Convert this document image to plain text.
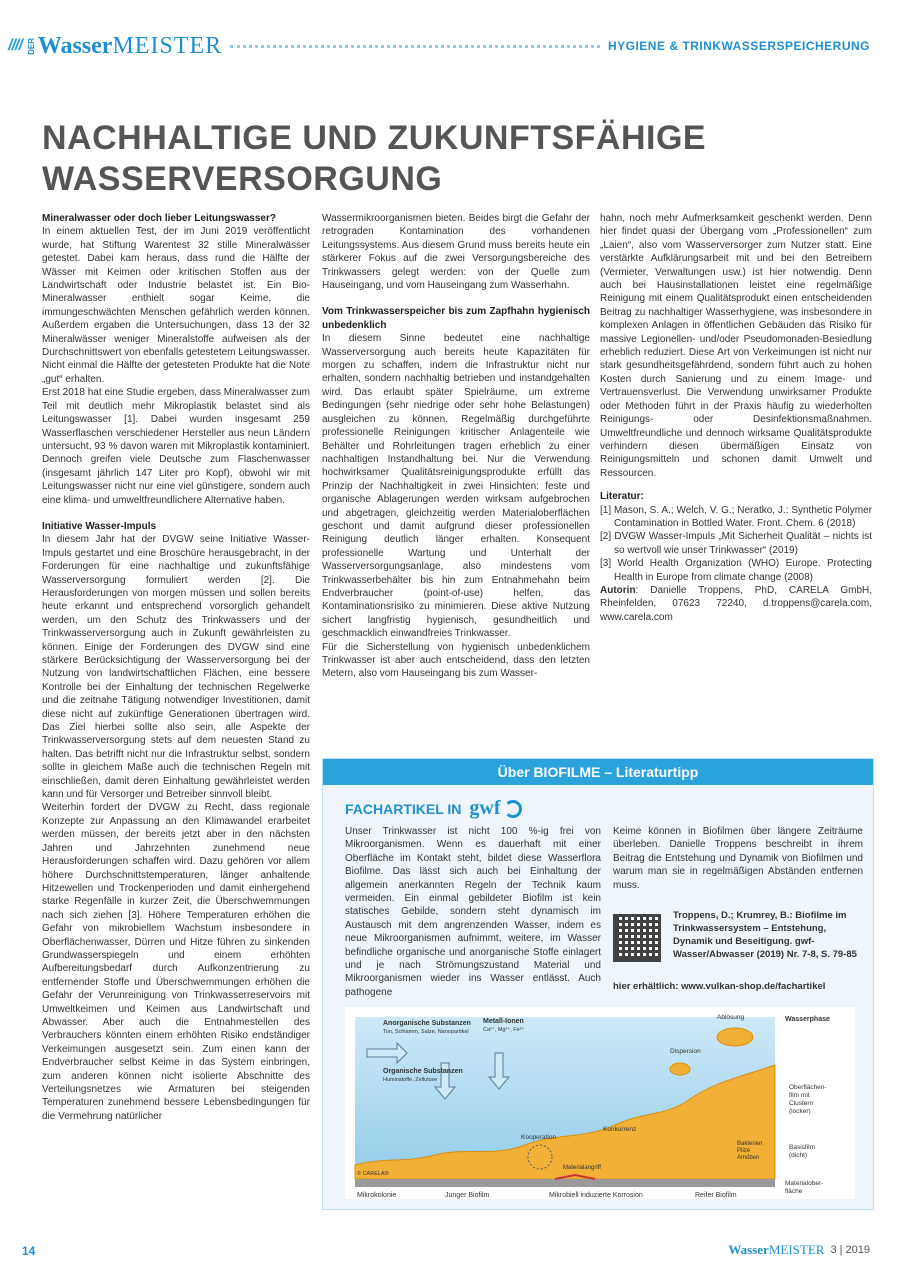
//// DER Wasser MEISTER	HYGIENE & TRINKWASSERSPEICHERUNG
NACHHALTIGE UND ZUKUNFTSFÄHIGE
WASSERVERSORGUNG
Mineralwasser oder doch lieber Leitungswasser?

In einem aktuellen Test, der im Juni 2019 veröffentlicht wurde, hat Stiftung Warentest 32 stille Mineralwässer getestet. Dabei kam heraus, dass rund die Hälfte der Wässer mit Keimen oder kritischen Stoffen aus der Landwirtschaft oder Industrie belastet ist. Ein Bio-Mineralwasser enthielt sogar Keime, die immungeschwächten Menschen gefährlich werden können. Außerdem ergaben die Untersuchungen, dass 13 der 32 Mineralwässer weniger Mineralstoffe aufweisen als der Durchschnittswert von ebenfalls getestetem Leitungswasser. Nicht einmal die Hälfte der getesteten Produkte hat die Note „gut“ erhalten.

Erst 2018 hat eine Studie ergeben, dass Mineralwasser zum Teil mit deutlich mehr Mikroplastik belastet sind als Leitungswasser [1]. Dabei wurden insgesamt 259 Wasserflaschen verschiedener Hersteller aus neun Ländern untersucht, 93 % davon waren mit Mikroplastik kontaminiert. Dennoch greifen viele Deutsche zum Flaschenwasser (insgesamt jährlich 147 Liter pro Kopf), obwohl wir mit Leitungswasser nicht nur eine viel günstigere, sondern auch eine klima- und umweltfreundlichere Alternative haben.

Initiative Wasser-Impuls

In diesem Jahr hat der DVGW seine Initiative Wasser-Impuls gestartet und eine Broschüre herausgebracht, in der Forderungen für eine nachhaltige und zukunftsfähige Wasserversorgung formuliert werden [2]. Die Herausforderungen von morgen müssen und sollen bereits heute erkannt und entsprechend vorsorglich gehandelt werden, um den Schutz des Trinkwassers und der Trinkwasserversorgung auch in Zukunft gewährleisten zu können. Einige der Forderungen des DVGW sind eine stärkere Berücksichtigung der Wasserversorgung bei der Nutzung von landwirtschaftlichen Flächen, eine bessere Kontrolle bei der Einhaltung der technischen Regelwerke und die zeitnahe Tätigung notwendiger Investitionen, damit diese nicht auf zukünftige Generationen übertragen wird. Das Ziel hierbei sollte also sein, alle Aspekte der Trinkwasserversorgung stets auf dem neuesten Stand zu halten. Das betrifft nicht nur die Infrastruktur selbst, sondern sollte in gleichem Maße auch die technischen Regeln mit einschließen, damit deren Einhaltung gewährleistet werden kann und für Versorger und Betreiber sinnvoll bleibt.

Weiterhin fordert der DVGW zu Recht, dass regionale Konzepte zur Anpassung an den Klimawandel erarbeitet werden müssen, der bereits jetzt aber in den nächsten Jahren und Jahrzehnten zunehmend neue Herausforderungen schaffen wird. Dazu gehören vor allem höhere Durchschnittstemperaturen, länger anhaltende Hitzewellen und Trockenperioden und damit einhergehend starke Regenfälle in kurzer Zeit, die Überschwemmungen nach sich ziehen [3]. Höhere Temperaturen erhöhen die Gefahr von mikrobiellem Wachstum insbesondere in Oberflächenwasser, Dürren und Hitze führen zu sinkenden Grundwasserspiegeln und einem erhöhten Aufbereitungsbedarf durch Aufkonzentrierung zu entfernender Stoffe und Überschwemmungen erhöhen die Gefahr der Verunreinigung von Trinkwasserreservoirs mit Umweltkeimen und Keimen aus Landwirtschaft und Abwasser. Aber auch die Entnahmestellen des Verbrauchers könnten einem erhöhten Risiko endständiger Verkeimungen ausgesetzt sein. Zum einen kann der Endverbraucher selbst Keime in das System einbringen, zum anderen können nicht isolierte Abschnitte des Verteilungsnetzes wie Armaturen bei steigenden Temperaturen zunehmend bessere Lebensbedingungen für die Vermehrung natürlicher

Wassermikroorganismen bieten. Beides birgt die Gefahr der retrograden Kontamination des vorhandenen Leitungssystems. Aus diesem Grund muss bereits heute ein stärkerer Fokus auf die zwei Versorgungsbereiche des Trinkwassers gelegt werden: von der Quelle zum Hauseingang, und vom Hauseingang zum Wasserhahn.

Vom Trinkwasserspeicher bis zum Zapfhahn hygienisch unbedenklich

In diesem Sinne bedeutet eine nachhaltige Wasserversorgung auch bereits heute Kapazitäten für morgen zu schaffen, indem die Infrastruktur nicht nur erhalten, sondern nachhaltig betrieben und instandgehalten wird. Das erlaubt später Spielräume, um extreme Bedingungen (sehr niedrige oder sehr hohe Belastungen) ausgleichen zu können. Regelmäßig durchgeführte professionelle Reinigungen kritischer Anlagenteile wie Behälter und Rohrleitungen tragen erheblich zu einer nachhaltigen Instandhaltung bei. Nur die Verwendung hochwirksamer Qualitätsreinigungsprodukte erfüllt das Prinzip der Nachhaltigkeit in zwei Hinsichten: feste und organische Ablagerungen werden wirksam aufgebrochen und abgetragen, gleichzeitig werden Materialoberflächen geschont und damit aufgrund dieser professionellen Reinigung deutlich länger erhalten. Konsequent professionelle Wartung und Unterhalt der Wasserversorgungsanlage, also mindestens vom Trinkwasserbehälter bis hin zum Entnahmehahn beim Endverbraucher (point-of-use) helfen, das Kontaminationsrisiko zu minimieren. Diese aktive Nutzung sichert langfristig hygienisch, gesundheitlich und geschmacklich einwandfreies Trinkwasser.

Für die Sicherstellung von hygienisch unbedenklichem Trinkwasser ist aber auch entscheidend, dass den letzten Metern, also vom Hauseingang bis zum Wasser-

hahn, noch mehr Aufmerksamkeit geschenkt werden. Denn hier findet quasi der Übergang vom „Professionellen“ zum „Laien“, also vom Wasserversorger zum Nutzer statt. Eine verstärkte Aufklärungsarbeit mit und bei den Betreibern (Vermieter, Verwaltungen usw.) ist hier notwendig. Denn auch bei Hausinstallationen leistet eine regelmäßige Reinigung mit einem Qualitätsprodukt einen entscheidenden Beitrag zu nachhaltiger Wasserhygiene, was insbesondere in komplexen Anlagen in öffentlichen Gebäuden das Risiko für massive Legionellen- und/oder Pseudomonaden-Besiedlung erheblich reduziert. Diese Art von Verkeimungen ist nicht nur stark gesundheitsgefährdend, sondern führt auch zu hohen Kosten durch Sanierung und zu einem Image- und Vertrauensverlust. Die Verwendung unwirksamer Produkte oder Methoden führt in der Praxis häufig zu wiederholten Reinigungs- oder Desinfektionsmaßnahmen. Umweltfreundliche und dennoch wirksame Qualitätsprodukte verhindern diesen übermäßigen Einsatz von Reinigungsmitteln und schonen damit Umwelt und Ressourcen.

Literatur:
[1] Mason, S. A.; Welch, V. G.; Neratko, J.: Synthetic Polymer Contamination in Bottled Water. Front. Chem. 6 (2018)
[2] DVGW Wasser-Impuls „Mit Sicherheit Qualität – nichts ist so wertvoll wie unser Trinkwasser“ (2019)
[3] World Health Organization (WHO) Europe. Protecting Health in Europe from climate change (2008)

Autorin: Danielle Troppens, PhD, CARELA GmbH, Rheinfelden, 07623 72240, d.troppens@carela.com, www.carela.com

Über BIOFILME – Literaturtipp
FACHARTIKEL IN gwf

Unser Trinkwasser ist nicht 100 %-ig frei von Mikroorganismen. Wenn es dauerhaft mit einer Oberfläche im Kontakt steht, bildet diese Wasserflora Biofilme. Das lässt sich auch bei Einhaltung der allgemein anerkannten Regeln der Technik kaum vermeiden. Ein einmal gebildeter Biofilm ist kein statisches Gebilde, sondern steht dynamisch im Austausch mit dem angrenzenden Wasser, indem es neue Mikroorganismen aufnimmt, weitere, im Wasser befindliche organische und anorganische Stoffe einlagert und je nach Strömungszustand Material und Mikroorganismen wieder ins Wasser entlässt. Auch pathogene

Keime können in Biofilmen über längere Zeiträume überleben. Danielle Troppens beschreibt in ihrem Beitrag die Entstehung und Dynamik von Biofilmen und warum man sie in regelmäßigen Abständen entfernen muss.

Troppens, D.; Krumrey, B.: Biofilme im Trinkwassersystem – Entstehung, Dynamik und Beseitigung. gwf-Wasser/Abwasser (2019) Nr. 7-8, S. 79-85

hier erhältlich: www.vulkan-shop.de/fachartikel

Anorganische Substanzen
Ton, Schlamm, Salze, Nanopartikel
Metall-Ionen
Ca²⁺, Mg²⁺, Fe²⁺
Organische Substanzen
Huminstoffe, Zellulose
Ablösung	Wasserphase
Dispersion
Kooperation
Konkurrenz
Oberflächen-
film mit
Clustern
(locker)
Bakterien
Pilze
Amöben
Basisfilm
(dicht)
Materialangriff
© CARELA®
Mikrokolonie	Junger Biofilm	Mikrobiell induzierte Korrosion	Reifer Biofilm
Materialober-
fläche
14	Wasser MEISTER 3 | 2019
